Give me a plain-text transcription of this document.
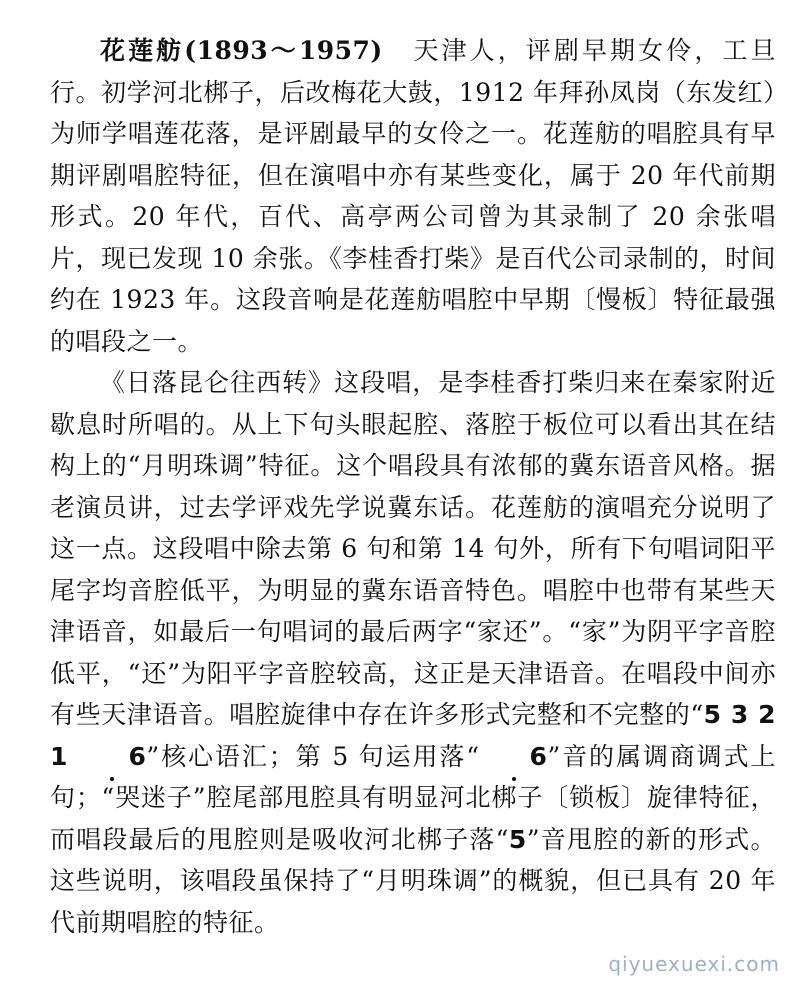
花莲舫(1893～1957)　天津人，评剧早期女伶，工旦行。初学河北梆子，后改梅花大鼓，1912 年拜孙凤岗（东发红）为师学唱莲花落，是评剧最早的女伶之一。花莲舫的唱腔具有早期评剧唱腔特征，但在演唱中亦有某些变化，属于 20 年代前期形式。20 年代，百代、高亭两公司曾为其录制了 20 余张唱片，现已发现 10 余张。《李桂香打柴》是百代公司录制的，时间约在 1923 年。这段音响是花莲舫唱腔中早期〔慢板〕特征最强的唱段之一。

《日落昆仑往西转》这段唱，是李桂香打柴归来在秦家附近歇息时所唱的。从上下句头眼起腔、落腔于板位可以看出其在结构上的“月明珠调”特征。这个唱段具有浓郁的冀东语音风格。据老演员讲，过去学评戏先学说冀东话。花莲舫的演唱充分说明了这一点。这段唱中除去第 6 句和第 14 句外，所有下句唱词阳平尾字均音腔低平，为明显的冀东语音特色。唱腔中也带有某些天津语音，如最后一句唱词的最后两字“家还”。“家”为阴平字音腔低平，“还”为阳平字音腔较高，这正是天津语音。在唱段中间亦有些天津语音。唱腔旋律中存在许多形式完整和不完整的“5 3 2 1 6”核心语汇；第 5 句运用落“ 6”音的属调商调式上句；“哭迷子”腔尾部甩腔具有明显河北梆子〔锁板〕旋律特征，而唱段最后的甩腔则是吸收河北梆子落“5”音甩腔的新的形式。这些说明，该唱段虽保持了“月明珠调”的概貌，但已具有 20 年代前期唱腔的特征。

qiyuexuexi.com
